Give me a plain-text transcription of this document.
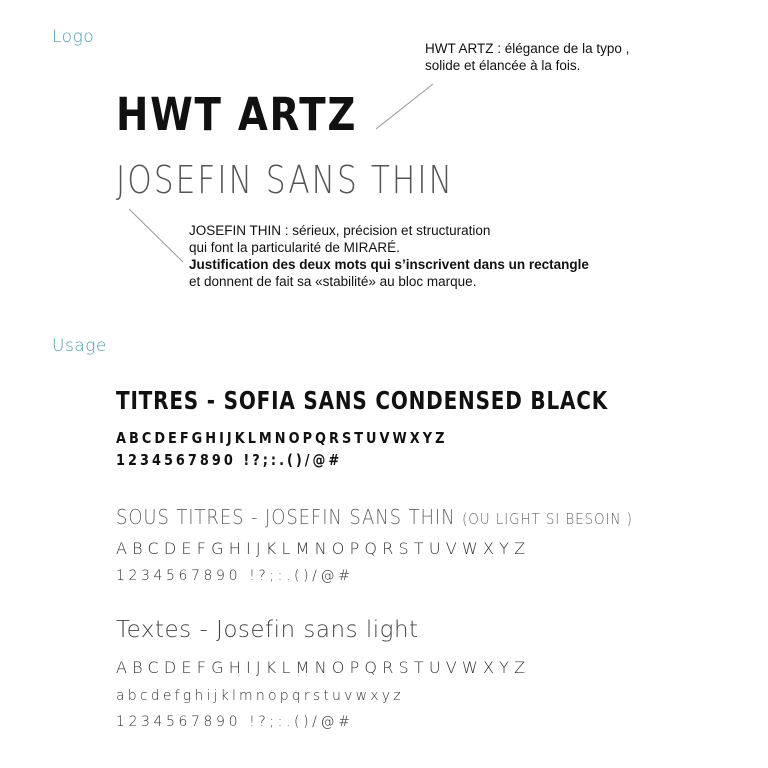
Logo
HWT ARTZ : élégance de la typo ,
solide et élancée à la fois.
HWT ARTZ
JOSEFIN SANS THIN
JOSEFIN THIN : sérieux, précision et structuration
qui font la particularité de MIRARÉ.
Justification des deux mots qui s’inscrivent dans un rectangle
et donnent de fait sa «stabilité» au bloc marque.
Usage
TITRES - SOFIA SANS CONDENSED BLACK
ABCDEFGHIJKLMNOPQRSTUVWXYZ
1234567890 !?;:.()/@#
SOUS TITRES - JOSEFIN SANS THIN (OU LIGHT SI BESOIN )
ABCDEFGHIJKLMNOPQRSTUVWXYZ
1234567890 !?;:.()/@#
Textes - Josefin sans light
ABCDEFGHIJKLMNOPQRSTUVWXYZ
abcdefghijklmnopqrstuvwxyz
1234567890 !?;:.()/@#
